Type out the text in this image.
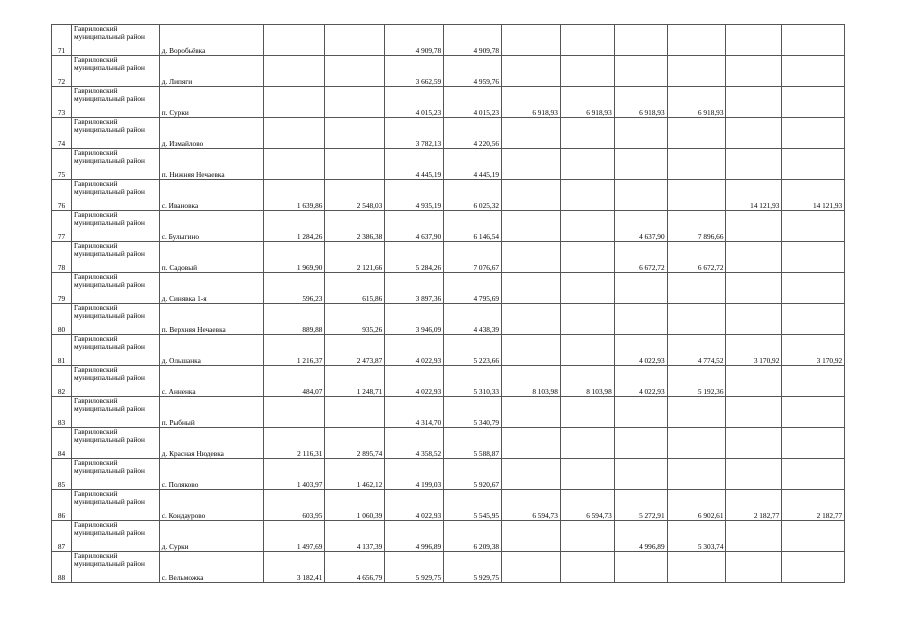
71	Гавриловский муниципальный район	д. Воробьёвка			4 909,78	4 909,78						
72	Гавриловский муниципальный район	д. Липяги			3 662,59	4 959,76						
73	Гавриловский муниципальный район	п. Сурки			4 015,23	4 015,23	6 918,93	6 918,93	6 918,93	6 918,93		
74	Гавриловский муниципальный район	д. Измайлово			3 782,13	4 220,56						
75	Гавриловский муниципальный район	п. Нижняя Нечаевка			4 445,19	4 445,19						
76	Гавриловский муниципальный район	с. Ивановка	1 639,86	2 548,03	4 935,19	6 025,32					14 121,93	14 121,93
77	Гавриловский муниципальный район	с. Булыгино	1 284,26	2 386,38	4 637,90	6 146,54			4 637,90	7 896,66		
78	Гавриловский муниципальный район	п. Садовый	1 969,90	2 121,66	5 284,26	7 076,67			6 672,72	6 672,72		
79	Гавриловский муниципальный район	д. Синявка 1-я	596,23	615,86	3 897,36	4 795,69						
80	Гавриловский муниципальный район	п. Верхняя Нечаевка	889,88	935,26	3 946,09	4 438,39						
81	Гавриловский муниципальный район	д. Ольшанка	1 216,37	2 473,87	4 022,93	5 223,66			4 022,93	4 774,52	3 170,92	3 170,92
82	Гавриловский муниципальный район	с. Анненка	484,07	1 248,71	4 022,93	5 310,33	8 103,98	8 103,98	4 022,93	5 192,36		
83	Гавриловский муниципальный район	п. Рыбный			4 314,70	5 340,79						
84	Гавриловский муниципальный район	д. Красная Нюдевка	2 116,31	2 895,74	4 358,52	5 588,87						
85	Гавриловский муниципальный район	с. Поляково	1 403,97	1 462,12	4 199,03	5 920,67						
86	Гавриловский муниципальный район	с. Кондаурово	603,95	1 060,39	4 022,93	5 545,95	6 594,73	6 594,73	5 272,91	6 902,61	2 182,77	2 182,77
87	Гавриловский муниципальный район	д. Сурки	1 497,69	4 137,39	4 996,89	6 209,38			4 996,89	5 303,74		
88	Гавриловский муниципальный район	с. Вельможка	3 182,41	4 656,79	5 929,75	5 929,75						
